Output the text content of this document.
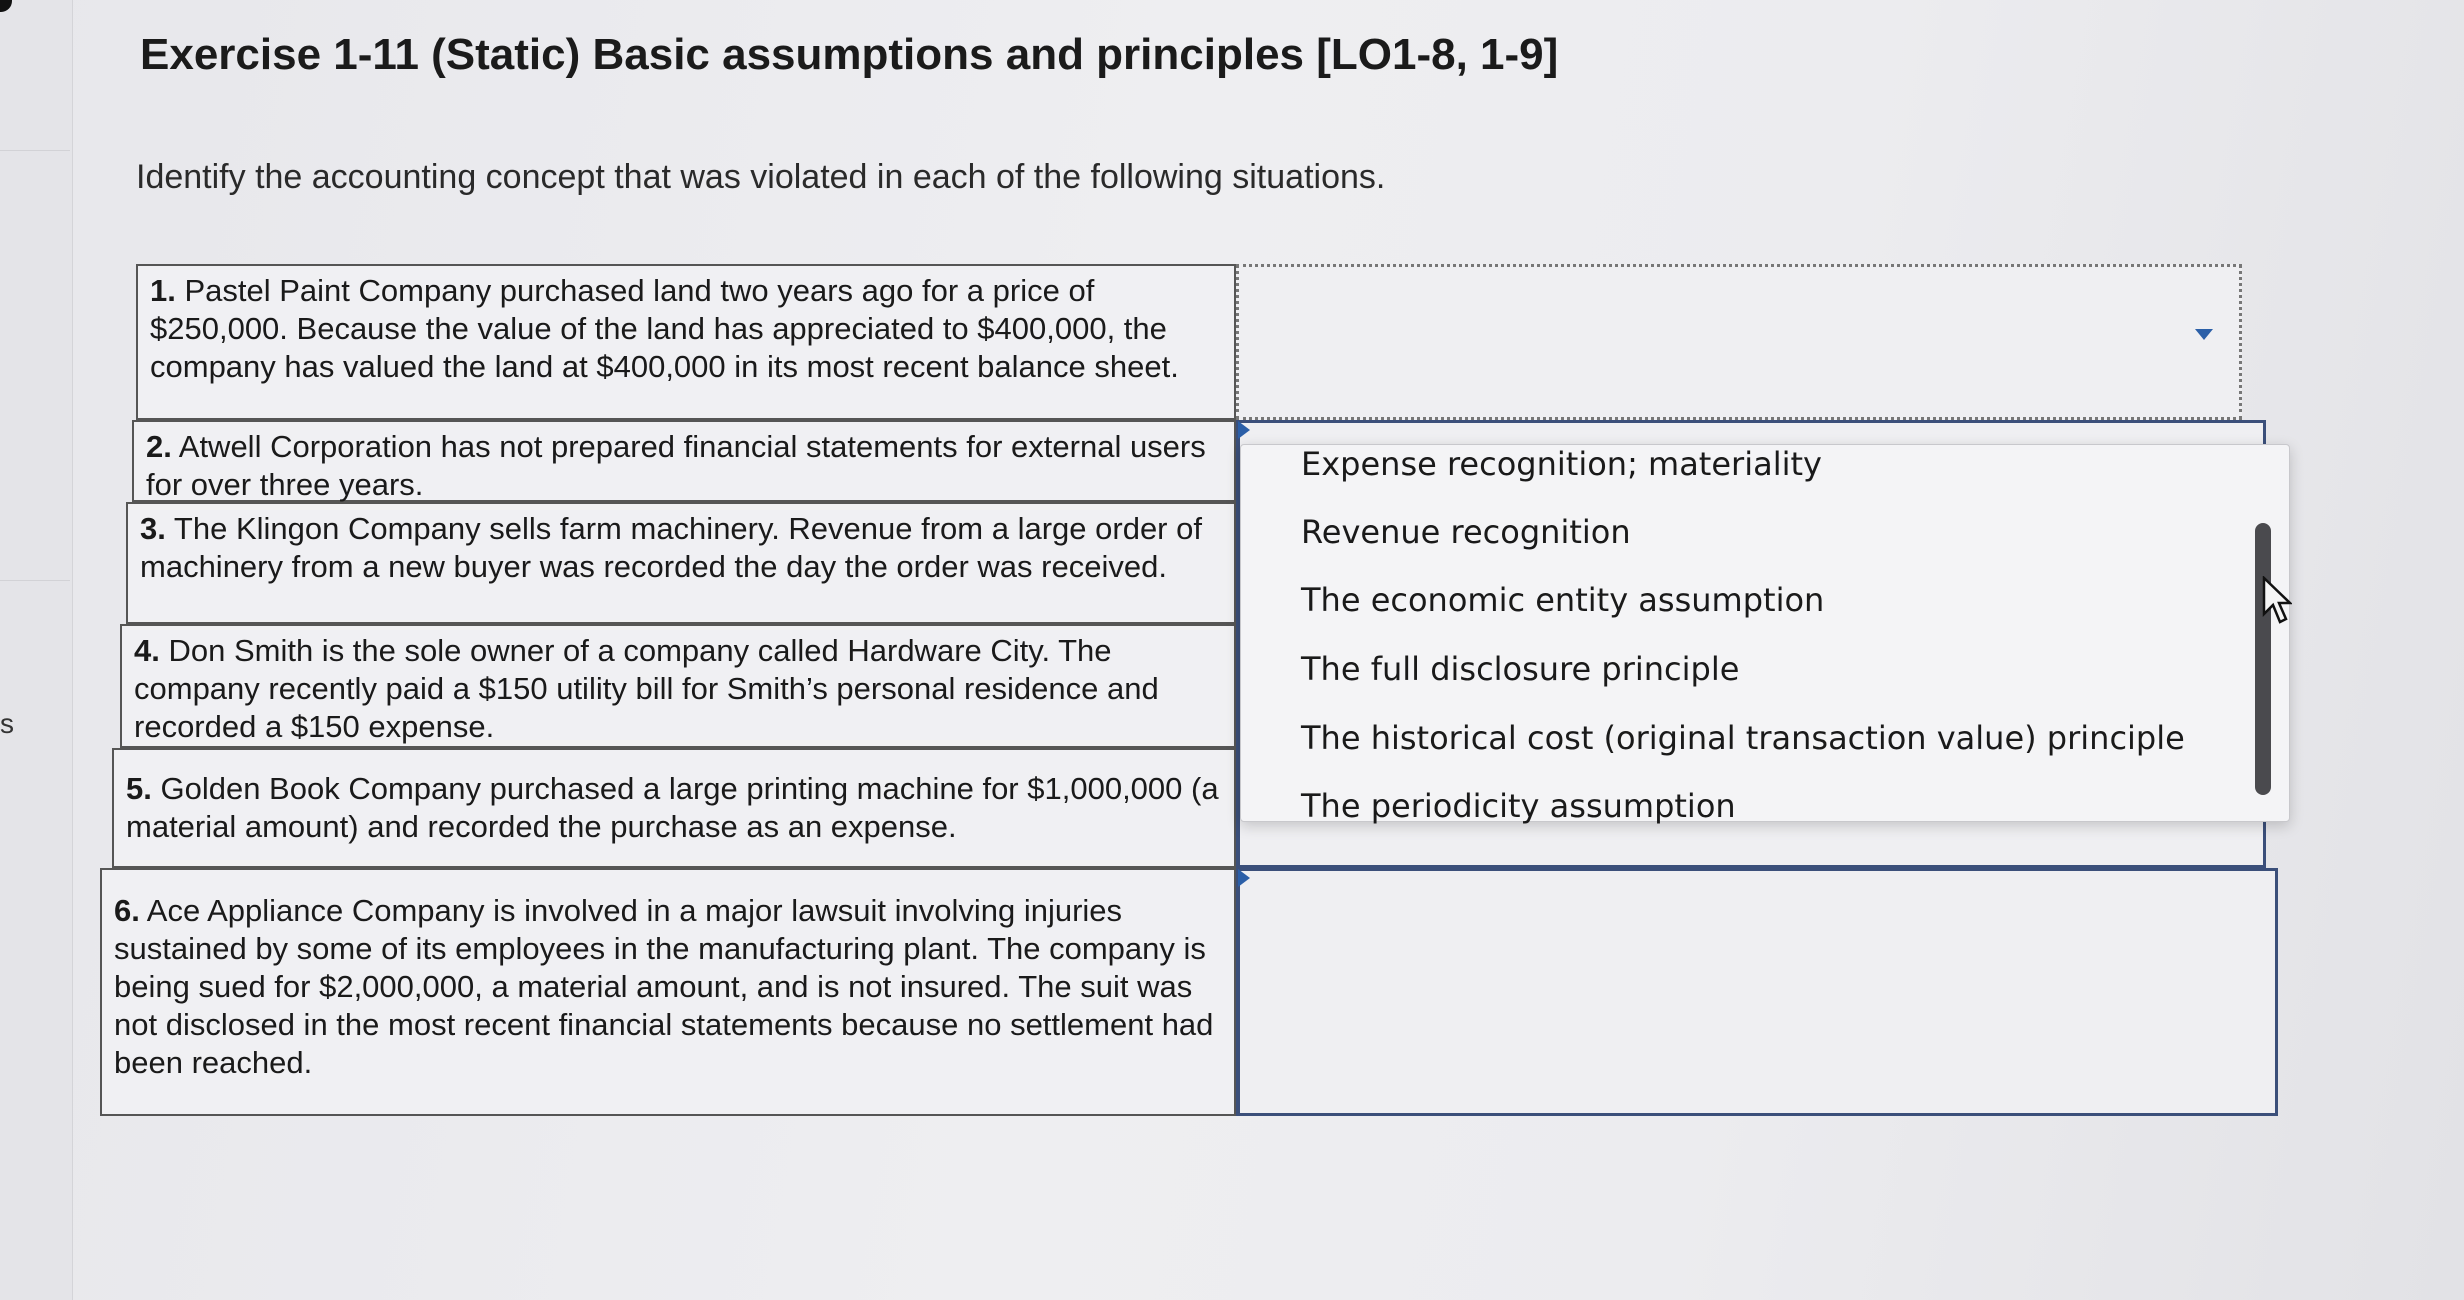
s
Exercise 1-11 (Static) Basic assumptions and principles [LO1-8, 1-9]
Identify the accounting concept that was violated in each of the following situations.
1. Pastel Paint Company purchased land two years ago for a price of $250,000. Because the value of the land has appreciated to $400,000, the company has valued the land at $400,000 in its most recent balance sheet.
2. Atwell Corporation has not prepared financial statements for external users for over three years.
3. The Klingon Company sells farm machinery. Revenue from a large order of machinery from a new buyer was recorded the day the order was received.
4. Don Smith is the sole owner of a company called Hardware City. The company recently paid a $150 utility bill for Smith’s personal residence and recorded a $150 expense.
5. Golden Book Company purchased a large printing machine for $1,000,000 (a material amount) and recorded the purchase as an expense.
6. Ace Appliance Company is involved in a major lawsuit involving injuries sustained by some of its employees in the manufacturing plant. The company is being sued for $2,000,000, a material amount, and is not insured. The suit was not disclosed in the most recent financial statements because no settlement had been reached.
Expense recognition; materiality
Revenue recognition
The economic entity assumption
The full disclosure principle
The historical cost (original transaction value) principle
The periodicity assumption
